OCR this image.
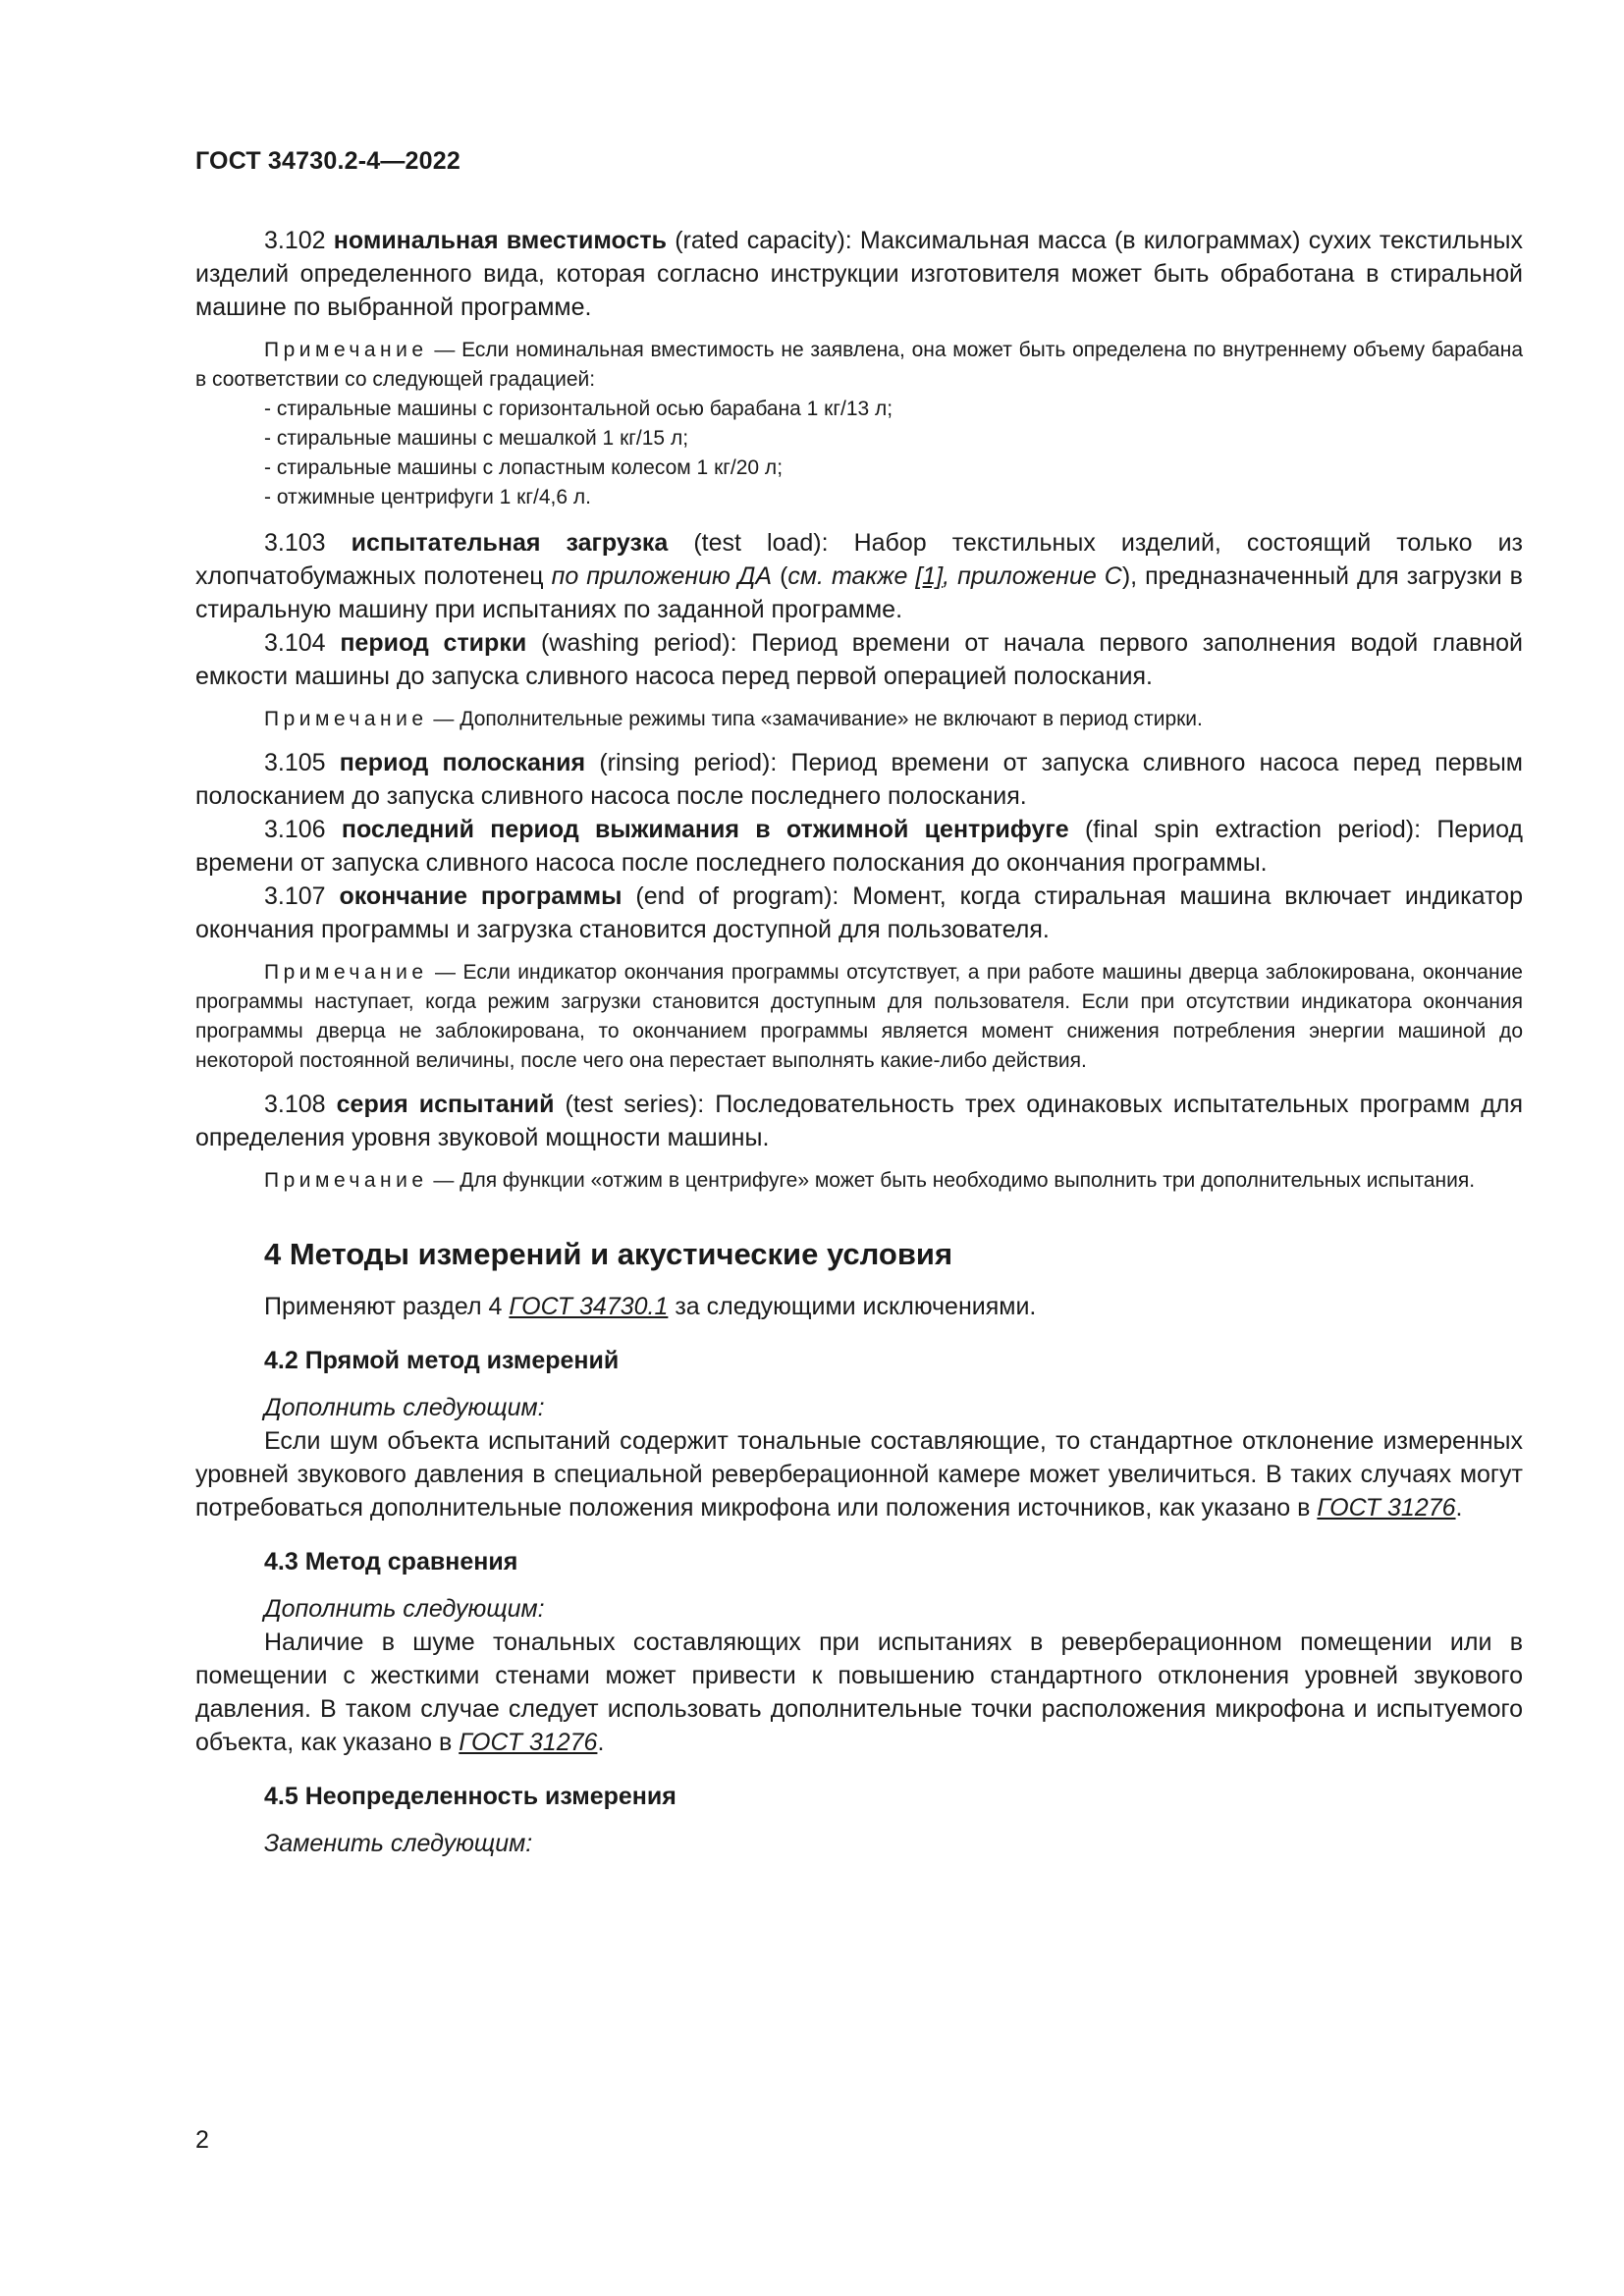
ГОСТ 34730.2-4—2022

3.102 номинальная вместимость (rated capacity): Максимальная масса (в килограммах) сухих текстильных изделий определенного вида, которая согласно инструкции изготовителя может быть обработана в стиральной машине по выбранной программе.

Примечание — Если номинальная вместимость не заявлена, она может быть определена по внутреннему объему барабана в соответствии со следующей градацией:

- стиральные машины с горизонтальной осью барабана 1 кг/13 л;
- стиральные машины с мешалкой 1 кг/15 л;
- стиральные машины с лопастным колесом 1 кг/20 л;
- отжимные центрифуги 1 кг/4,6 л.

3.103 испытательная загрузка (test load): Набор текстильных изделий, состоящий только из хлопчатобумажных полотенец по приложению ДА (см. также [1], приложение С), предназначенный для загрузки в стиральную машину при испытаниях по заданной программе.

3.104 период стирки (washing period): Период времени от начала первого заполнения водой главной емкости машины до запуска сливного насоса перед первой операцией полоскания.

Примечание — Дополнительные режимы типа «замачивание» не включают в период стирки.

3.105 период полоскания (rinsing period): Период времени от запуска сливного насоса перед первым полосканием до запуска сливного насоса после последнего полоскания.

3.106 последний период выжимания в отжимной центрифуге (final spin extraction period): Период времени от запуска сливного насоса после последнего полоскания до окончания программы.

3.107 окончание программы (end of program): Момент, когда стиральная машина включает индикатор окончания программы и загрузка становится доступной для пользователя.

Примечание — Если индикатор окончания программы отсутствует, а при работе машины дверца заблокирована, окончание программы наступает, когда режим загрузки становится доступным для пользователя. Если при отсутствии индикатора окончания программы дверца не заблокирована, то окончанием программы является момент снижения потребления энергии машиной до некоторой постоянной величины, после чего она перестает выполнять какие-либо действия.

3.108 серия испытаний (test series): Последовательность трех одинаковых испытательных программ для определения уровня звуковой мощности машины.

Примечание — Для функции «отжим в центрифуге» может быть необходимо выполнить три дополнительных испытания.

4 Методы измерений и акустические условия

Применяют раздел 4 ГОСТ 34730.1 за следующими исключениями.

4.2 Прямой метод измерений
Дополнить следующим:

Если шум объекта испытаний содержит тональные составляющие, то стандартное отклонение измеренных уровней звукового давления в специальной реверберационной камере может увеличиться. В таких случаях могут потребоваться дополнительные положения микрофона или положения источников, как указано в ГОСТ 31276.

4.3 Метод сравнения
Дополнить следующим:

Наличие в шуме тональных составляющих при испытаниях в реверберационном помещении или в помещении с жесткими стенами может привести к повышению стандартного отклонения уровней звукового давления. В таком случае следует использовать дополнительные точки расположения микрофона и испытуемого объекта, как указано в ГОСТ 31276.

4.5 Неопределенность измерения
Заменить следующим:
2
